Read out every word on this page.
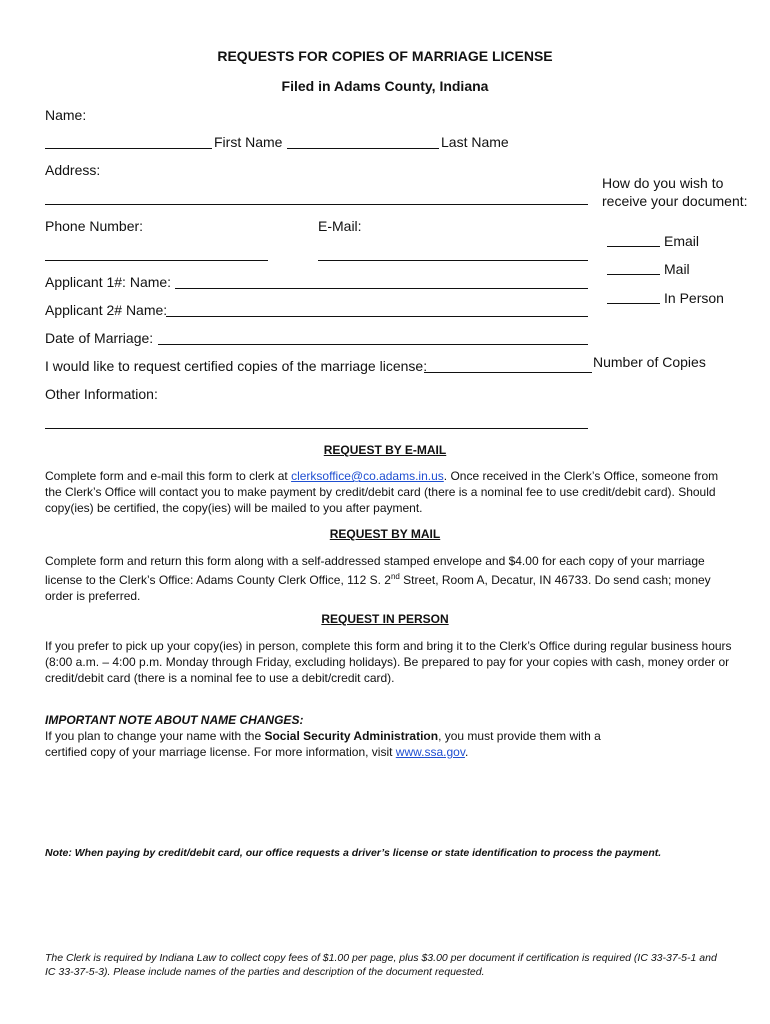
REQUESTS FOR COPIES OF MARRIAGE LICENSE
Filed in Adams County, Indiana
Name:
First Name	Last Name
Address:
How do you wish to
receive your document:
Email
Mail
In Person
Phone Number:	E-Mail:
Applicant 1#: Name:
Applicant 2# Name:
Date of Marriage:
I would like to request certified copies of the marriage license:	Number of Copies
Other Information:
REQUEST BY E-MAIL
Complete form and e-mail this form to clerk at clerksoffice@co.adams.in.us. Once received in the Clerk’s Office, someone from the Clerk’s Office will contact you to make payment by credit/debit card (there is a nominal fee to use credit/debit card). Should copy(ies) be certified, the copy(ies) will be mailed to you after payment.
REQUEST BY MAIL
Complete form and return this form along with a self-addressed stamped envelope and $4.00 for each copy of your marriage license to the Clerk’s Office: Adams County Clerk Office, 112 S. 2nd Street, Room A, Decatur, IN 46733. Do send cash; money order is preferred.
REQUEST IN PERSON
If you prefer to pick up your copy(ies) in person, complete this form and bring it to the Clerk’s Office during regular business hours (8:00 a.m. – 4:00 p.m. Monday through Friday, excluding holidays). Be prepared to pay for your copies with cash, money order or credit/debit card (there is a nominal fee to use a debit/credit card).
IMPORTANT NOTE ABOUT NAME CHANGES:
If you plan to change your name with the Social Security Administration, you must provide them with a certified copy of your marriage license. For more information, visit www.ssa.gov.
Note: When paying by credit/debit card, our office requests a driver’s license or state identification to process the payment.
The Clerk is required by Indiana Law to collect copy fees of $1.00 per page, plus $3.00 per document if certification is required (IC 33-37-5-1 and IC 33-37-5-3). Please include names of the parties and description of the document requested.
